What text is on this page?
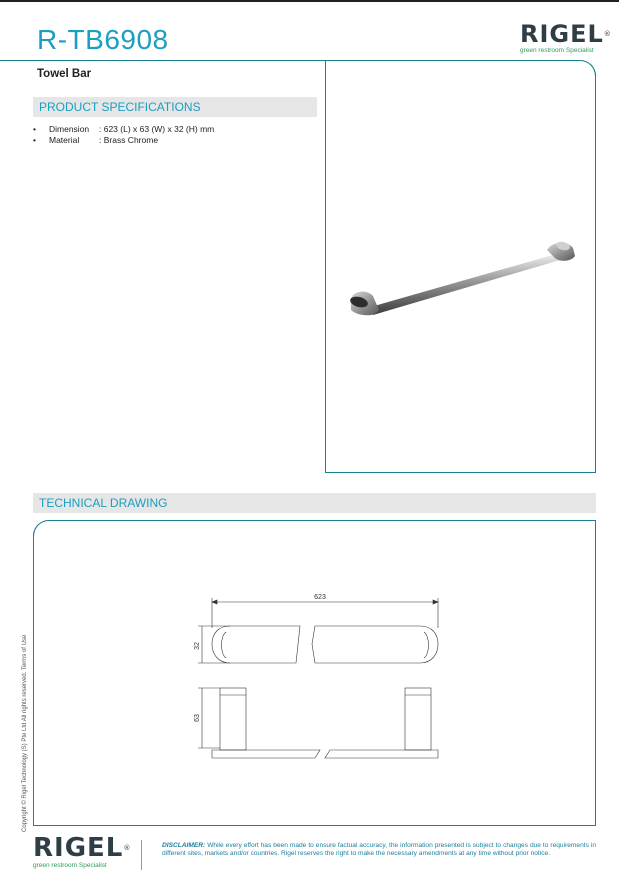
R-TB6908	RIGEL®
green restroom Specialist
Towel Bar
PRODUCT SPECIFICATIONS
•	Dimension	: 623 (L) x 63 (W) x 32 (H) mm
•	Material	: Brass Chrome
TECHNICAL DRAWING
623
32
63
Copyright © Rigel Technology (S) Pte Ltd All rights reserved. Terms of Use
RIGEL®
green restroom Specialist
DISCLAIMER: While every effort has been made to ensure factual accuracy, the information presented is subject to changes due to requirements in different sites, markets and/or countries. Rigel reserves the right to make the necessary amendments at any time without prior notice.
